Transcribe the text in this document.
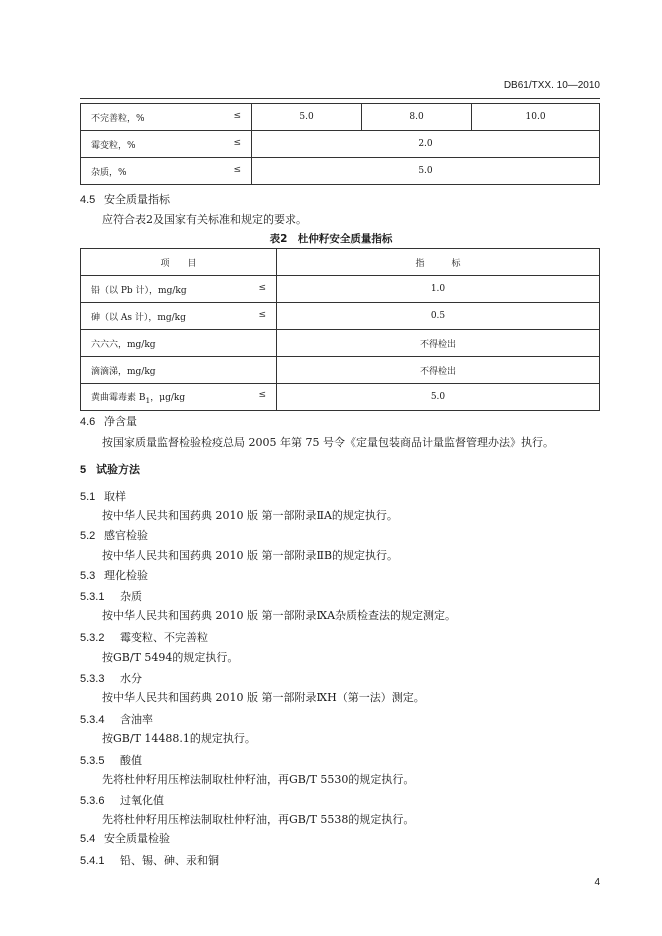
DB61/TXX. 10—2010
不完善粒，% ≤	5.0	8.0	10.0

霉变粒，% ≤	2.0		

杂质，% ≤	5.0		
4.5 安全质量指标
应符合表2及国家有关标准和规定的要求。
表2　杜仲籽安全质量指标
项　　目	指　　　标

铅（以 Pb 计），mg/kg ≤	1.0

砷（以 As 计），mg/kg ≤	0.5

六六六，mg/kg	不得检出

滴滴涕，mg/kg	不得检出

黄曲霉毒素 $B_1$，μg/kg ≤	5.0
4.6 净含量
按国家质量监督检验检疫总局 2005 年第 75 号令《定量包装商品计量监督管理办法》执行。
5 试验方法
5.1 取样
按中华人民共和国药典 2010 版 第一部附录ⅡA的规定执行。
5.2 感官检验
按中华人民共和国药典 2010 版 第一部附录ⅡB的规定执行。
5.3 理化检验
5.3.1 杂质
按中华人民共和国药典 2010 版 第一部附录ⅨA杂质检查法的规定测定。
5.3.2 霉变粒、不完善粒
按GB/T 5494的规定执行。
5.3.3 水分
按中华人民共和国药典 2010 版 第一部附录ⅨH（第一法）测定。
5.3.4 含油率
按GB/T 14488.1的规定执行。
5.3.5 酸值
先将杜仲籽用压榨法制取杜仲籽油，再GB/T 5530的规定执行。
5.3.6 过氧化值
先将杜仲籽用压榨法制取杜仲籽油，再GB/T 5538的规定执行。
5.4 安全质量检验
5.4.1 铅、锡、砷、汞和铜
4
